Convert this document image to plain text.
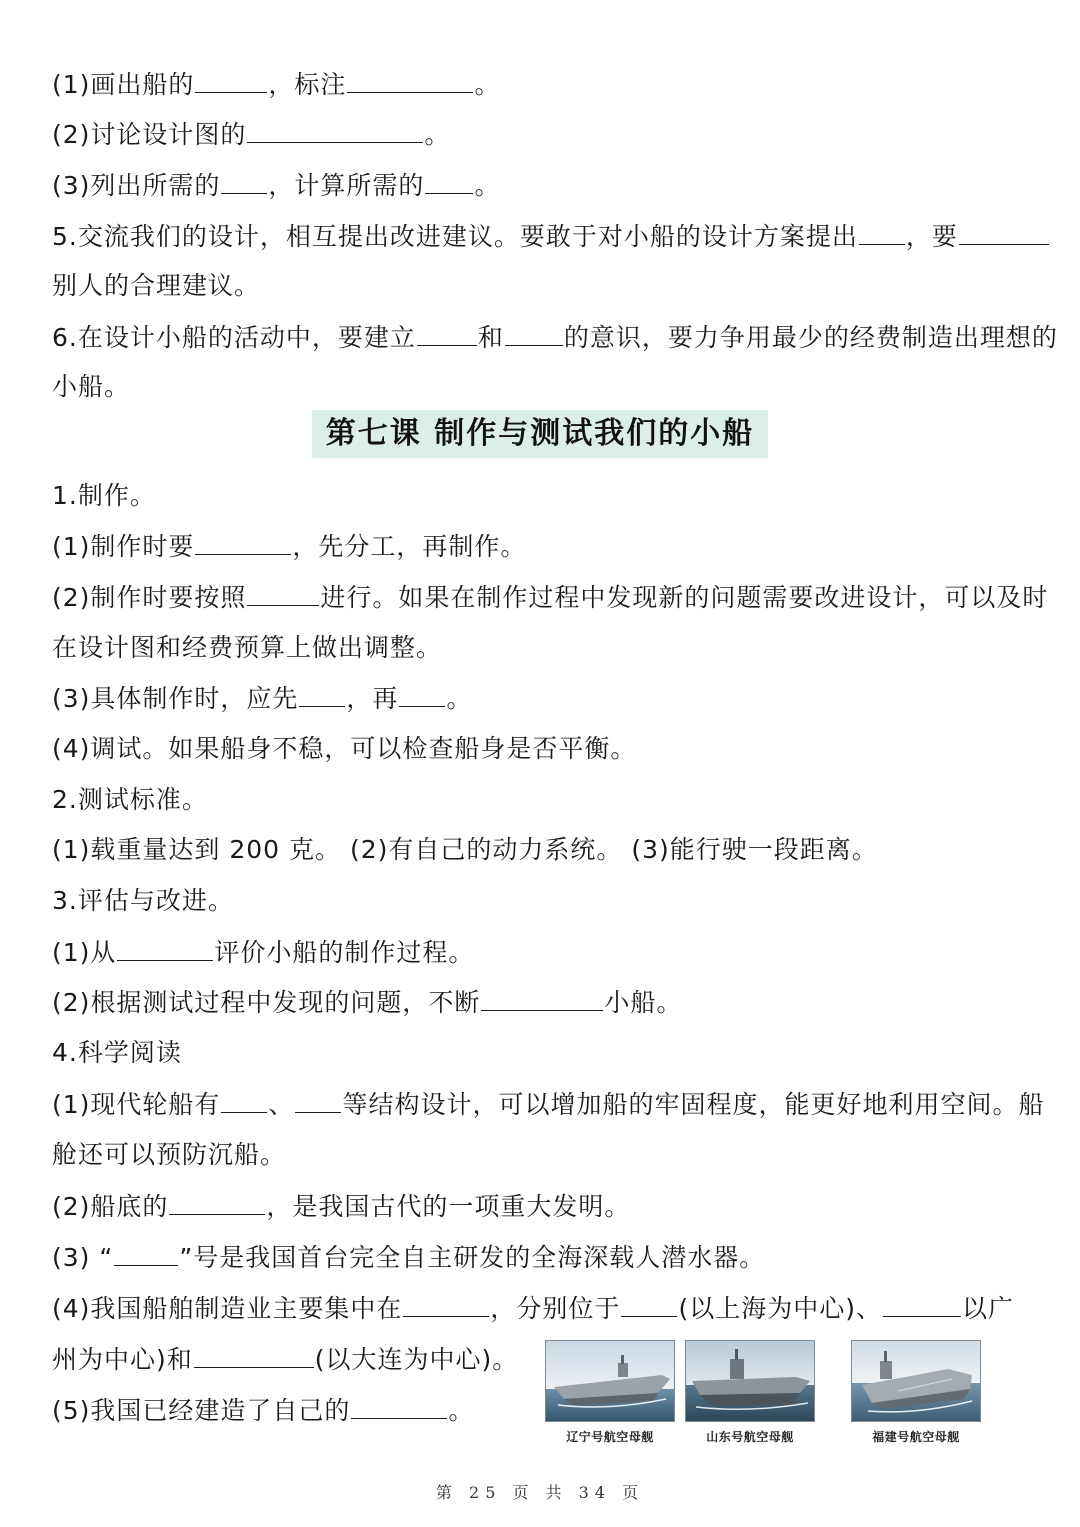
(1)画出船的	，标注	。
(2)讨论设计图的	。
(3)列出所需的 ，计算所需的 。
5.交流我们的设计，相互提出改进建议。要敢于对小船的设计方案提出 ，要
别人的合理建议。
6.在设计小船的活动中，要建立 和 的意识，要力争用最少的经费制造出理想的
小船。
第七课 制作与测试我们的小船
1.制作。
(1)制作时要	，先分工，再制作。
(2)制作时要按照	进行。如果在制作过程中发现新的问题需要改进设计，可以及时
在设计图和经费预算上做出调整。
(3)具体制作时，应先 ，再 。
(4)调试。如果船身不稳，可以检查船身是否平衡。
2.测试标准。
(1)载重量达到 200 克。 (2)有自己的动力系统。 (3)能行驶一段距离。
3.评估与改进。
(1)从	评价小船的制作过程。
(2)根据测试过程中发现的问题，不断	小船。
4.科学阅读
(1)现代轮船有 、 等结构设计，可以增加船的牢固程度，能更好地利用空间。船
舱还可以预防沉船。
(2)船底的	，是我国古代的一项重大发明。
(3) “	”号是我国首台完全自主研发的全海深载人潜水器。
(4)我国船舶制造业主要集中在	，分别位于 (以上海为中心)、	以广
州为中心)和	(以大连为中心)。
(5)我国已经建造了自己的	。
辽宁号航空母舰	山东号航空母舰	福建号航空母舰
第 25 页 共 34 页
